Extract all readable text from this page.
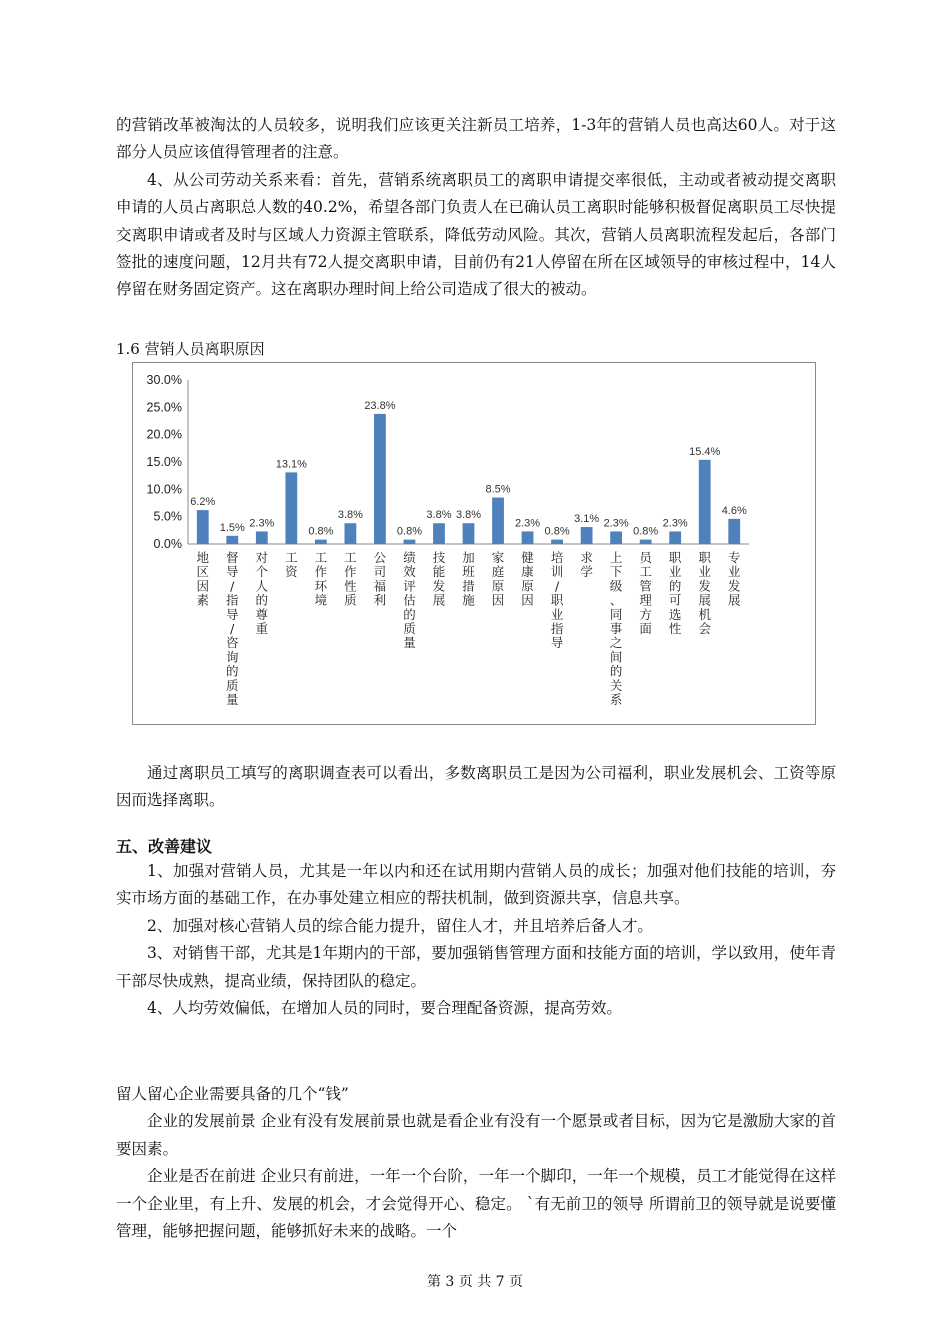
的营销改革被淘汰的人员较多，说明我们应该更关注新员工培养，1-3年的营销人员也高达60人。对于这部分人员应该值得管理者的注意。

4、从公司劳动关系来看：首先，营销系统离职员工的离职申请提交率很低，主动或者被动提交离职申请的人员占离职总人数的40.2%，希望各部门负责人在已确认员工离职时能够积极督促离职员工尽快提交离职申请或者及时与区域人力资源主管联系，降低劳动风险。其次，营销人员离职流程发起后，各部门签批的速度问题，12月共有72人提交离职申请，目前仍有21人停留在所在区域领导的审核过程中，14人停留在财务固定资产。这在离职办理时间上给公司造成了很大的被动。

1.6 营销人员离职原因
0.0%
5.0%
10.0%
15.0%
20.0%
25.0%
30.0%
6.2%
地区因素
1.5%
督导/指导/咨询的质量
2.3%
对个人的尊重
13.1%
工资
0.8%
工作环境
3.8%
工作性质
23.8%
公司福利
0.8%
绩效评估的质量
3.8%
技能发展
3.8%
加班措施
8.5%
家庭原因
2.3%
健康原因
0.8%
培训/职业指导
3.1%
求学
2.3%
上下级、同事之间的关系
0.8%
员工管理方面
2.3%
职业的可选性
15.4%
职业发展机会
4.6%
专业发展

通过离职员工填写的离职调查表可以看出，多数离职员工是因为公司福利，职业发展机会、工资等原因而选择离职。

五、改善建议

1、加强对营销人员，尤其是一年以内和还在试用期内营销人员的成长；加强对他们技能的培训，夯实市场方面的基础工作，在办事处建立相应的帮扶机制，做到资源共享，信息共享。

2、加强对核心营销人员的综合能力提升，留住人才，并且培养后备人才。

3、对销售干部，尤其是1年期内的干部，要加强销售管理方面和技能方面的培训，学以致用，使年青干部尽快成熟，提高业绩，保持团队的稳定。

4、人均劳效偏低，在增加人员的同时，要合理配备资源，提高劳效。

留人留心企业需要具备的几个“钱”

企业的发展前景 企业有没有发展前景也就是看企业有没有一个愿景或者目标，因为它是激励大家的首要因素。

企业是否在前进 企业只有前进，一年一个台阶，一年一个脚印，一年一个规模，员工才能觉得在这样一个企业里，有上升、发展的机会，才会觉得开心、稳定。 `有无前卫的领导 所谓前卫的领导就是说要懂管理，能够把握问题，能够抓好未来的战略。一个

第 3 页 共 7 页
